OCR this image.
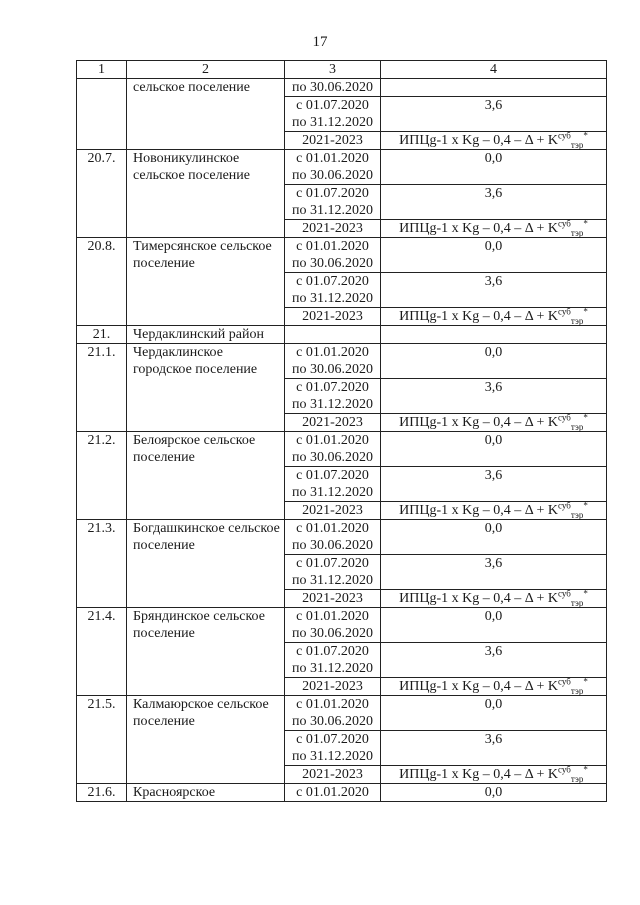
17
1	2	3	4
	сельское поселение	по 30.06.2020	
		с 01.07.2020
по 31.12.2020	3,6
		2021-2023	ИПЦg-1 х $Kg - 0,4 - \Delta + K^{суб}_{тэр}^*$
20.7.	Новоникулинское сельское поселение	с 01.01.2020
по 30.06.2020	0,0
		с 01.07.2020
по 31.12.2020	3,6
		2021-2023	ИПЦg-1 х $Kg - 0,4 - \Delta + K^{суб}_{тэр}^*$
20.8.	Тимерсянское сельское поселение	с 01.01.2020
по 30.06.2020	0,0
		с 01.07.2020
по 31.12.2020	3,6
		2021-2023	ИПЦg-1 х $Kg - 0,4 - \Delta + K^{суб}_{тэр}^*$
21.	Чердаклинский район		
21.1.	Чердаклинское городское поселение	с 01.01.2020
по 30.06.2020	0,0
		с 01.07.2020
по 31.12.2020	3,6
		2021-2023	ИПЦg-1 х $Kg - 0,4 - \Delta + K^{суб}_{тэр}^*$
21.2.	Белоярское сельское поселение	с 01.01.2020
по 30.06.2020	0,0
		с 01.07.2020
по 31.12.2020	3,6
		2021-2023	ИПЦg-1 х $Kg - 0,4 - \Delta + K^{суб}_{тэр}^*$
21.3.	Богдашкинское сельское поселение	с 01.01.2020
по 30.06.2020	0,0
		с 01.07.2020
по 31.12.2020	3,6
		2021-2023	ИПЦg-1 х $Kg - 0,4 - \Delta + K^{суб}_{тэр}^*$
21.4.	Бряндинское сельское поселение	с 01.01.2020
по 30.06.2020	0,0
		с 01.07.2020
по 31.12.2020	3,6
		2021-2023	ИПЦg-1 х $Kg - 0,4 - \Delta + K^{суб}_{тэр}^*$
21.5.	Калмаюрское сельское поселение	с 01.01.2020
по 30.06.2020	0,0
		с 01.07.2020
по 31.12.2020	3,6
		2021-2023	ИПЦg-1 х $Kg - 0,4 - \Delta + K^{суб}_{тэр}^*$
21.6.	Красноярское	с 01.01.2020	0,0
